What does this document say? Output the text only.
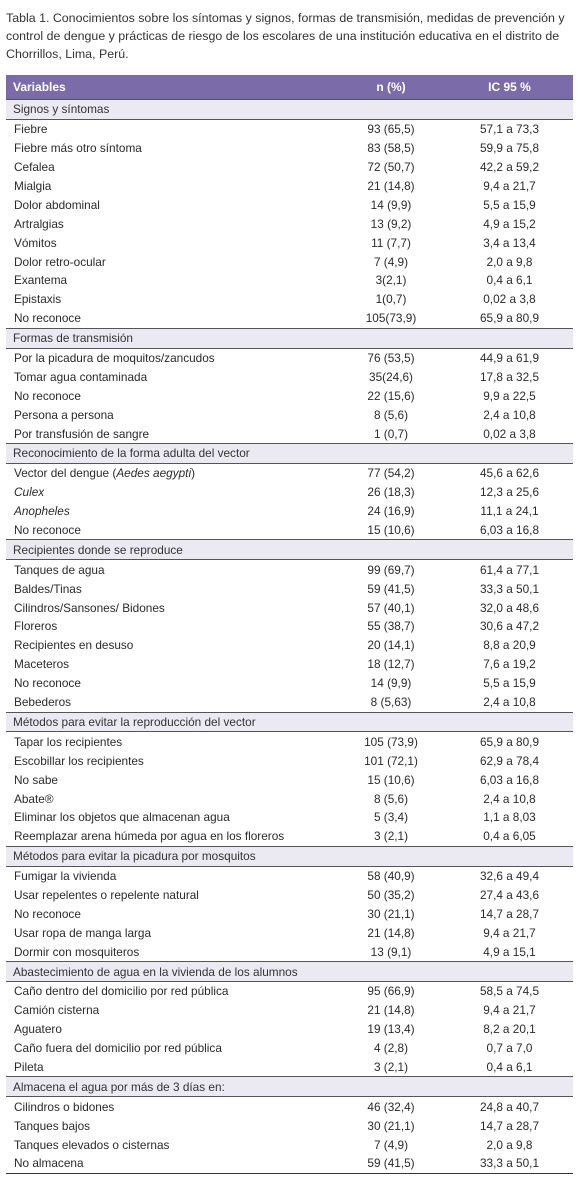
Tabla 1. Conocimientos sobre los síntomas y signos, formas de transmisión, medidas de prevención y control de dengue y prácticas de riesgo de los escolares de una institución educativa en el distrito de Chorrillos, Lima, Perú.
Variables	n (%)	IC 95 %
Signos y síntomas		
Fiebre	93 (65,5)	57,1 a 73,3
Fiebre más otro síntoma	83 (58,5)	59,9 a 75,8
Cefalea	72 (50,7)	42,2 a 59,2
Mialgia	21 (14,8)	9,4 a 21,7
Dolor abdominal	14 (9,9)	5,5 a 15,9
Artralgias	13 (9,2)	4,9 a 15,2
Vómitos	11 (7,7)	3,4 a 13,4
Dolor retro-ocular	7 (4,9)	2,0 a 9,8
Exantema	3(2,1)	0,4 a 6,1
Epistaxis	1(0,7)	0,02 a 3,8
No reconoce	105(73,9)	65,9 a 80,9
Formas de transmisión		
Por la picadura de moquitos/zancudos	76 (53,5)	44,9 a 61,9
Tomar agua contaminada	35(24,6)	17,8 a 32,5
No reconoce	22 (15,6)	9,9 a 22,5
Persona a persona	8 (5,6)	2,4 a 10,8
Por transfusión de sangre	1 (0,7)	0,02 a 3,8
Reconocimiento de la forma adulta del vector		
Vector del dengue (Aedes aegypti)	77 (54,2)	45,6 a 62,6
Culex	26 (18,3)	12,3 a 25,6
Anopheles	24 (16,9)	11,1 a 24,1
No reconoce	15 (10,6)	6,03 a 16,8
Recipientes donde se reproduce		
Tanques de agua	99 (69,7)	61,4 a 77,1
Baldes/Tinas	59 (41,5)	33,3 a 50,1
Cilindros/Sansones/ Bidones	57 (40,1)	32,0 a 48,6
Floreros	55 (38,7)	30,6 a 47,2
Recipientes en desuso	20 (14,1)	8,8 a 20,9
Maceteros	18 (12,7)	7,6 a 19,2
No reconoce	14 (9,9)	5,5 a 15,9
Bebederos	8 (5,63)	2,4 a 10,8
Métodos para evitar la reproducción del vector		
Tapar los recipientes	105 (73,9)	65,9 a 80,9
Escobillar los recipientes	101 (72,1)	62,9 a 78,4
No sabe	15 (10,6)	6,03 a 16,8
Abate®	8 (5,6)	2,4 a 10,8
Eliminar los objetos que almacenan agua	5 (3,4)	1,1 a 8,03
Reemplazar arena húmeda por agua en los floreros	3 (2,1)	0,4 a 6,05
Métodos para evitar la picadura por mosquitos		
Fumigar la vivienda	58 (40,9)	32,6 a 49,4
Usar repelentes o repelente natural	50 (35,2)	27,4 a 43,6
No reconoce	30 (21,1)	14,7 a 28,7
Usar ropa de manga larga	21 (14,8)	9,4 a 21,7
Dormir con mosquiteros	13 (9,1)	4,9 a 15,1
Abastecimiento de agua en la vivienda de los alumnos		
Caño dentro del domicilio por red pública	95 (66,9)	58,5 a 74,5
Camión cisterna	21 (14,8)	9,4 a 21,7
Aguatero	19 (13,4)	8,2 a 20,1
Caño fuera del domicilio por red pública	4 (2,8)	0,7 a 7,0
Pileta	3 (2,1)	0,4 a 6,1
Almacena el agua por más de 3 días en:		
Cilindros o bidones	46 (32,4)	24,8 a 40,7
Tanques bajos	30 (21,1)	14,7 a 28,7
Tanques elevados o cisternas	7 (4,9)	2,0 a 9,8
No almacena	59 (41,5)	33,3 a 50,1
